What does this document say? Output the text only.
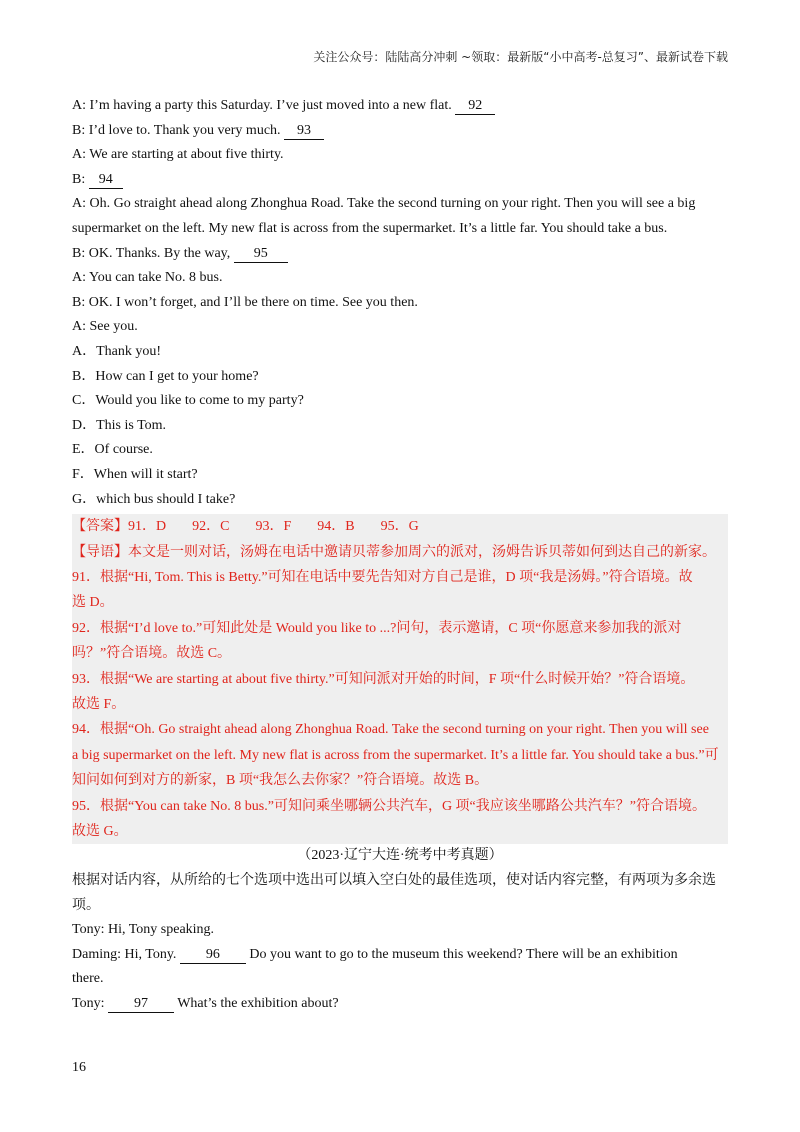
关注公众号：陆陆高分冲刺 ~领取：最新版“小中高考-总复习”、最新试卷下载
A: I’m having a party this Saturday. I’ve just moved into a new flat. 92
B: I’d love to. Thank you very much. 93
A: We are starting at about five thirty.
B: 94
A: Oh. Go straight ahead along Zhonghua Road. Take the second turning on your right. Then you will see a big
supermarket on the left. My new flat is across from the supermarket. It’s a little far. You should take a bus.
B: OK. Thanks. By the way, 95
A: You can take No. 8 bus.
B: OK. I won’t forget, and I’ll be there on time. See you then.
A: See you.
A．Thank you!
B．How can I get to your home?
C．Would you like to come to my party?
D．This is Tom.
E．Of course.
F．When will it start?
G．which bus should I take?
【答案】91．D 92．C 93．F 94．B 95．G
【导语】本文是一则对话，汤姆在电话中邀请贝蒂参加周六的派对，汤姆告诉贝蒂如何到达自己的新家。
91．根据“Hi, Tom. This is Betty.”可知在电话中要先告知对方自己是谁，D 项“我是汤姆。”符合语境。故
选 D。
92．根据“I’d love to.”可知此处是 Would you like to ...?问句，表示邀请，C 项“你愿意来参加我的派对
吗？”符合语境。故选 C。
93．根据“We are starting at about five thirty.”可知问派对开始的时间，F 项“什么时候开始？”符合语境。
故选 F。
94．根据“Oh. Go straight ahead along Zhonghua Road. Take the second turning on your right. Then you will see
a big supermarket on the left. My new flat is across from the supermarket. It’s a little far. You should take a bus.”可
知问如何到对方的新家，B 项“我怎么去你家？”符合语境。故选 B。
95．根据“You can take No. 8 bus.”可知问乘坐哪辆公共汽车，G 项“我应该坐哪路公共汽车？”符合语境。
故选 G。
（2023·辽宁大连·统考中考真题）
根据对话内容，从所给的七个选项中选出可以填入空白处的最佳选项，使对话内容完整，有两项为多余选
项。
Tony: Hi, Tony speaking.
Daming: Hi, Tony. 96 Do you want to go to the museum this weekend? There will be an exhibition
there.
Tony: 97 What’s the exhibition about?
16
